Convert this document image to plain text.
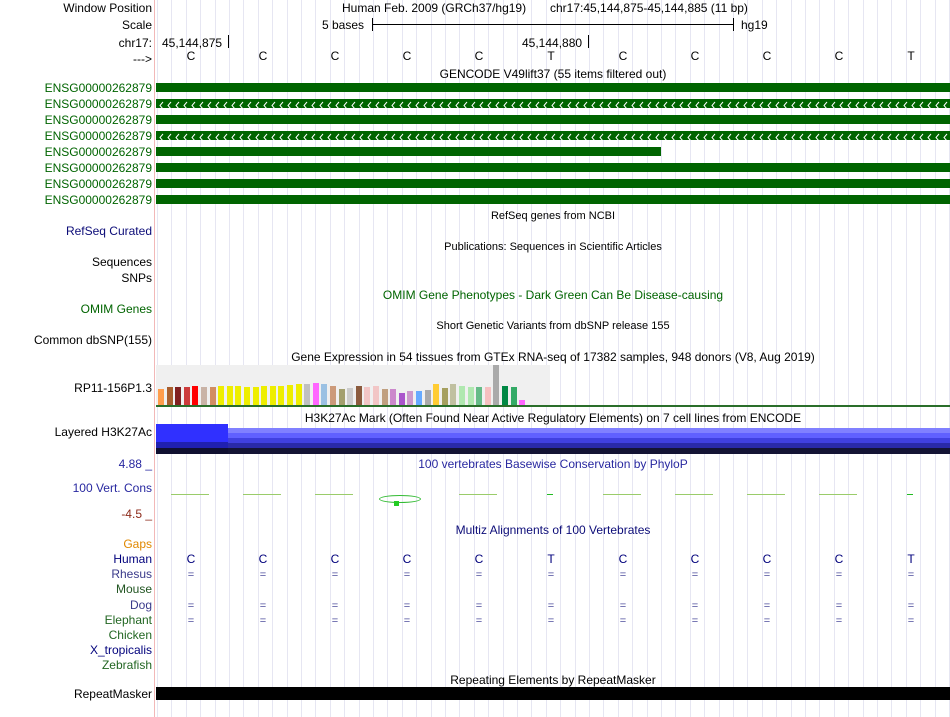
Window Position
Scale
chr17:
--->
Human Feb. 2009 (GRCh37/hg19) chr17:45,144,875-45,144,885 (11 bp)
5 bases	hg19
45,144,875	45,144,880
C	C	C	C	C	T	C	C	C	C	T
GENCODE V49lift37 (55 items filtered out)
ENSG00000262879
ENSG00000262879
ENSG00000262879
ENSG00000262879
ENSG00000262879
ENSG00000262879
ENSG00000262879
ENSG00000262879
RefSeq genes from NCBI
RefSeq Curated
Publications: Sequences in Scientific Articles
Sequences
SNPs
OMIM Gene Phenotypes - Dark Green Can Be Disease-causing
OMIM Genes
Short Genetic Variants from dbSNP release 155
Common dbSNP(155)
Gene Expression in 54 tissues from GTEx RNA-seq of 17382 samples, 948 donors (V8, Aug 2019)
RP11-156P1.3
H3K27Ac Mark (Often Found Near Active Regulatory Elements) on 7 cell lines from ENCODE
Layered H3K27Ac
100 vertebrates Basewise Conservation by PhyloP
4.88 _
100 Vert. Cons
-4.5 _
Multiz Alignments of 100 Vertebrates
Gaps
Human	C	C	C	C	C	T	C	C	C	C	T
Rhesus	=	=	=	=	=	=	=	=	=	=	=
Mouse
Dog	=	=	=	=	=	=	=	=	=	=	=
Elephant	=	=	=	=	=	=	=	=	=	=	=
Chicken
X_tropicalis
Zebrafish
Repeating Elements by RepeatMasker
RepeatMasker
